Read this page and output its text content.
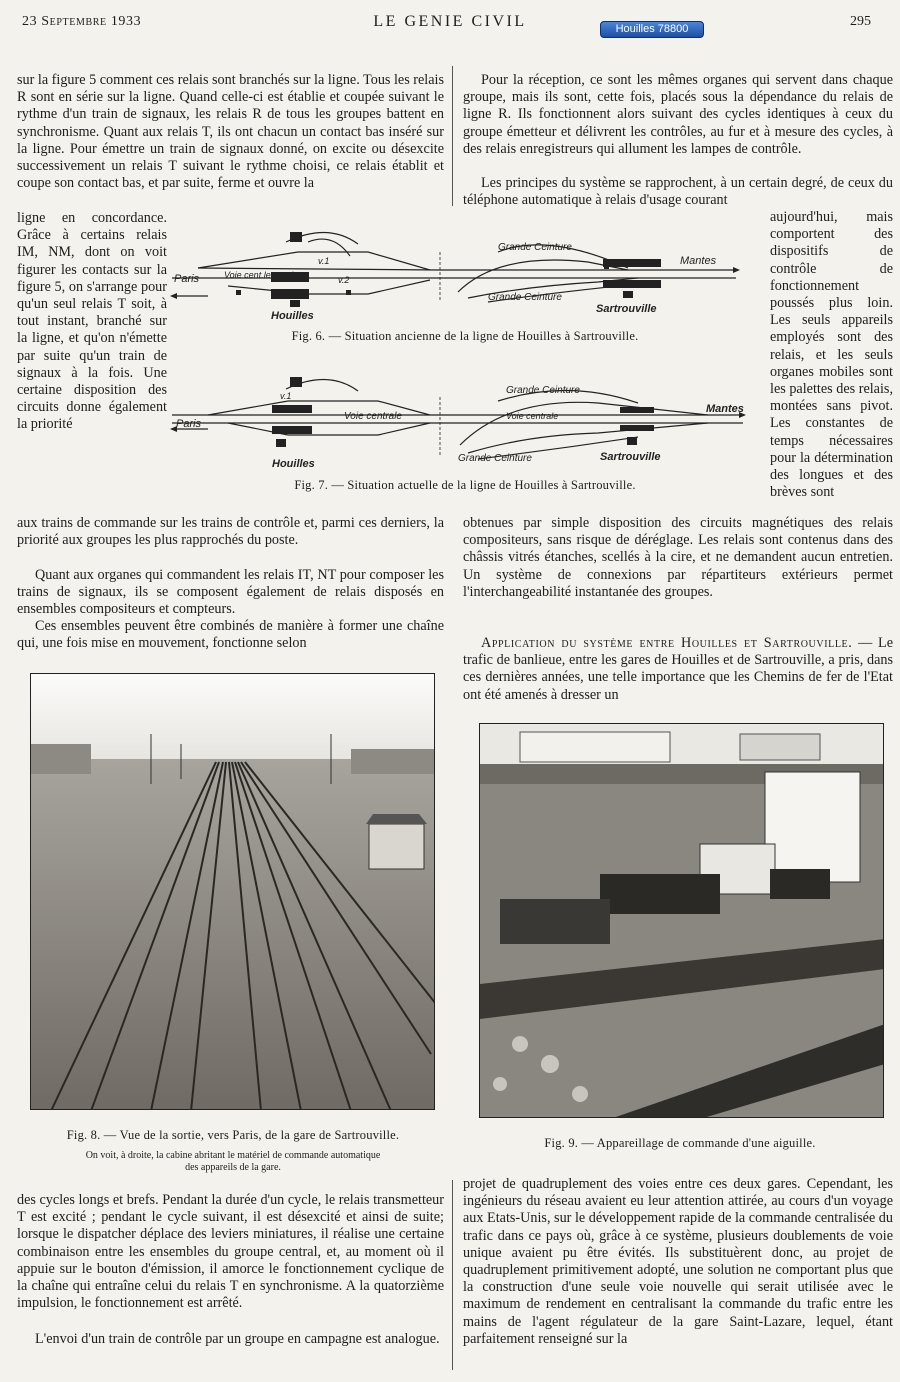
23 Septembre 1933	LE GENIE CIVIL	Houilles 78800	295
sur la figure 5 comment ces relais sont branchés sur la ligne. Tous les relais R sont en série sur la ligne. Quand celle-ci est établie et coupée suivant le rythme d'un train de signaux, les relais R de tous les groupes battent en synchronisme. Quant aux relais T, ils ont chacun un contact bas inséré sur la ligne. Pour émettre un train de signaux donné, on excite ou désexcite successivement un relais T suivant le rythme choisi, ce relais établit et coupe son contact bas, et par suite, ferme et ouvre la
ligne en concordance. Grâce à certains relais IM, NM, dont on voit figurer les contacts sur la figure 5, on s'arrange pour qu'un seul relais T soit, à tout instant, branché sur la ligne, et qu'on n'émette par suite qu'un train de signaux à la fois. Une certaine disposition des circuits donne également la priorité
aux trains de commande sur les trains de contrôle et, parmi ces derniers, la priorité aux groupes les plus rapprochés du poste.
Quant aux organes qui commandent les relais IT, NT pour composer les trains de signaux, ils se composent également de relais disposés en ensembles compositeurs et compteurs.
Ces ensembles peuvent être combinés de manière à former une chaîne qui, une fois mise en mouvement, fonctionne selon
Pour la réception, ce sont les mêmes organes qui servent dans chaque groupe, mais ils sont, cette fois, placés sous la dépendance du relais de ligne R. Ils fonctionnent alors suivant des cycles identiques à ceux du groupe émetteur et délivrent les contrôles, au fur et à mesure des cycles, à des relais enregistreurs qui allument les lampes de contrôle.
Les principes du système se rapprochent, à un certain degré, de ceux du téléphone automatique à relais d'usage courant
aujourd'hui, mais comportent des dispositifs de contrôle de fonctionnement poussés plus loin. Les seuls appareils employés sont des relais, et les seuls organes mobiles sont les palettes des relais, montées sans pivot. Les constantes de temps nécessaires pour la détermination des longues et des brèves sont
obtenues par simple disposition des circuits magnétiques des relais compositeurs, sans risque de déréglage. Les relais sont contenus dans des châssis vitrés étanches, scellés à la cire, et ne demandent aucun entretien. Un système de connexions par répartiteurs extérieurs permet l'interchangeabilité instantanée des groupes.
Application du système entre Houilles et Sartrouville. — Le trafic de banlieue, entre les gares de Houilles et de Sartrouville, a pris, dans ces dernières années, une telle importance que les Chemins de fer de l'Etat ont été amenés à dresser un
Paris	Voie cent.le terminus
v.1
v.2
Houilles
Grande Ceinture
Grande Ceinture
Mantes
Sartrouville
Fig. 6. — Situation ancienne de la ligne de Houilles à Sartrouville.
Paris
v.1
v.2
Voie centrale
Houilles
Grande Ceinture
Grande Ceinture
Mantes
Voie centrale
Sartrouville
Fig. 7. — Situation actuelle de la ligne de Houilles à Sartrouville.
Fig. 8. — Vue de la sortie, vers Paris, de la gare de Sartrouville.
On voit, à droite, la cabine abritant le matériel de commande automatique
des appareils de la gare.
Fig. 9. — Appareillage de commande d'une aiguille.
des cycles longs et brefs. Pendant la durée d'un cycle, le relais transmetteur T est excité ; pendant le cycle suivant, il est désexcité et ainsi de suite; lorsque le dispatcher déplace des leviers miniatures, il réalise une certaine combinaison entre les ensembles du groupe central, et, au moment où il appuie sur le bouton d'émission, il amorce le fonctionnement cyclique de la chaîne qui entraîne celui du relais T en synchronisme. A la quatorzième impulsion, le fonctionnement est arrêté.
L'envoi d'un train de contrôle par un groupe en campagne est analogue.
projet de quadruplement des voies entre ces deux gares. Cependant, les ingénieurs du réseau avaient eu leur attention attirée, au cours d'un voyage aux Etats-Unis, sur le développement rapide de la commande centralisée du trafic dans ce pays où, grâce à ce système, plusieurs doublements de voie unique avaient pu être évités. Ils substituèrent donc, au projet de quadruplement primitivement adopté, une solution ne comportant plus que la construction d'une seule voie nouvelle qui serait utilisée avec le maximum de rendement en centralisant la commande du trafic entre les mains de l'agent régulateur de la gare Saint-Lazare, lequel, étant parfaitement renseigné sur la
